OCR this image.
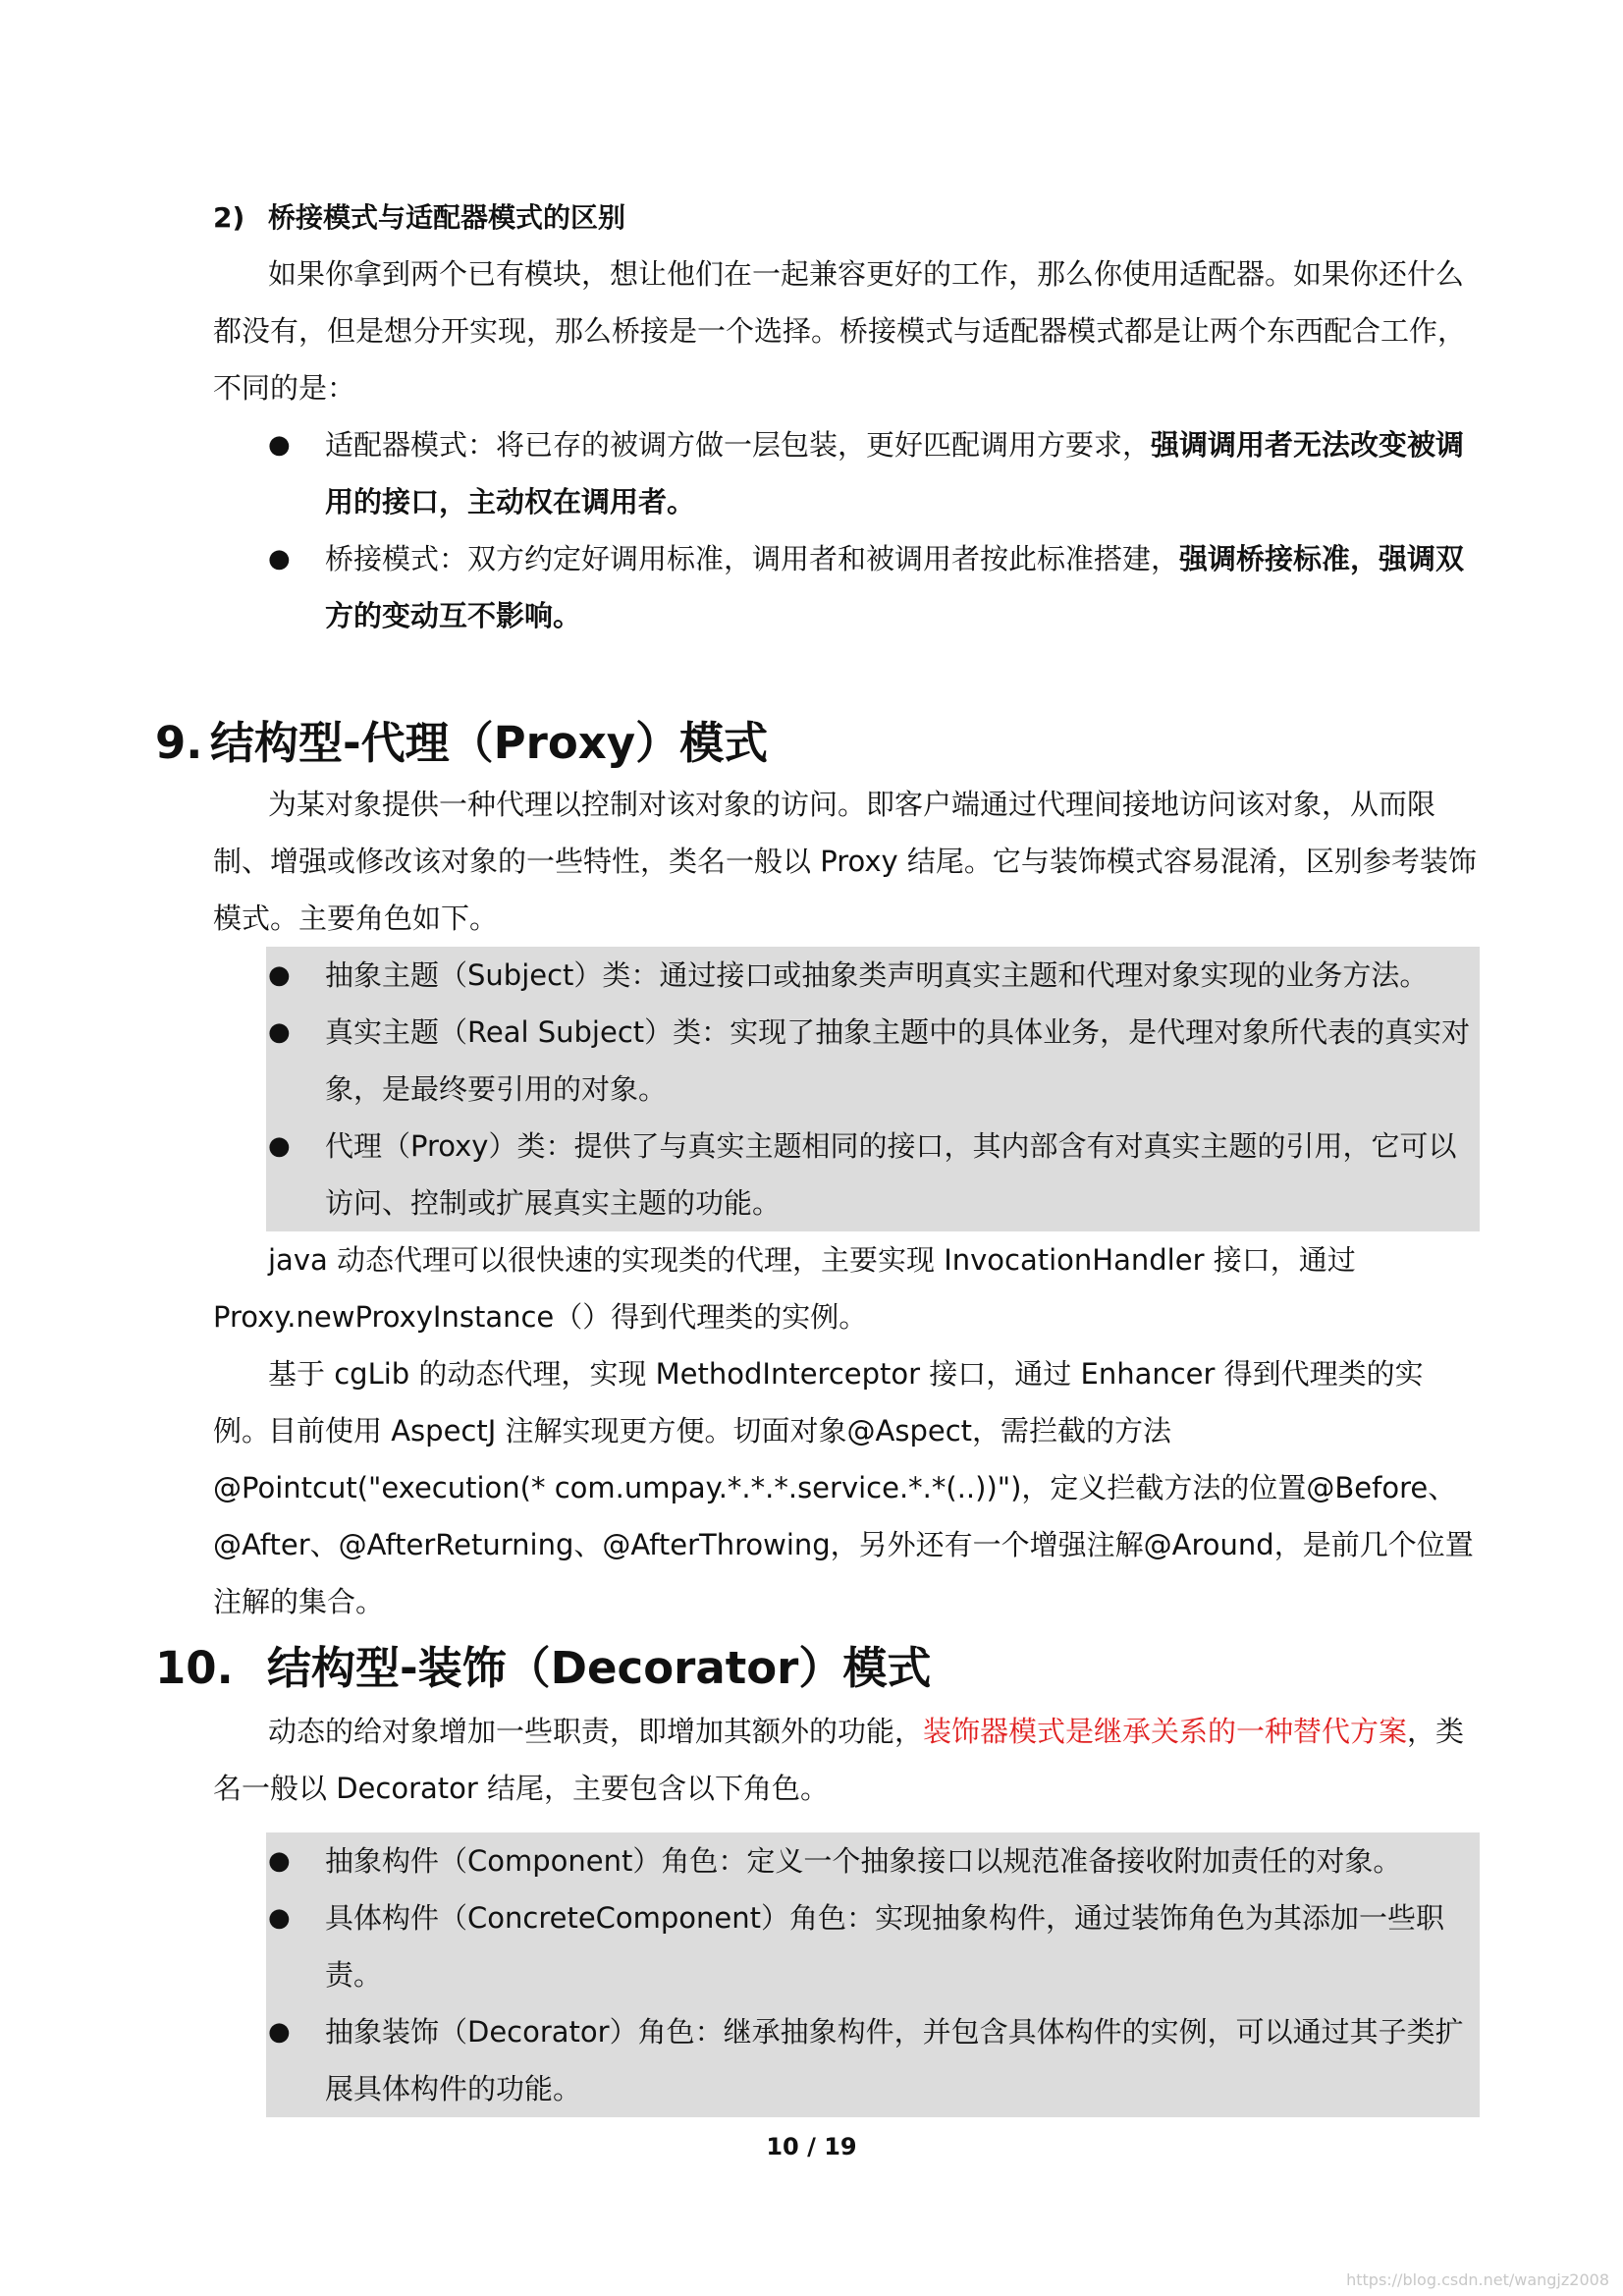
2) 桥接模式与适配器模式的区别
如果你拿到两个已有模块，想让他们在一起兼容更好的工作，那么你使用适配器。如果你还什么都没有，但是想分开实现，那么桥接是一个选择。桥接模式与适配器模式都是让两个东西配合工作，不同的是：
● 适配器模式：将已存的被调方做一层包装，更好匹配调用方要求，强调调用者无法改变被调用的接口，主动权在调用者。
● 桥接模式：双方约定好调用标准，调用者和被调用者按此标准搭建，强调桥接标准，强调双方的变动互不影响。
9. 结构型-代理（Proxy）模式
为某对象提供一种代理以控制对该对象的访问。即客户端通过代理间接地访问该对象，从而限制、增强或修改该对象的一些特性，类名一般以 Proxy 结尾。它与装饰模式容易混淆，区别参考装饰模式。主要角色如下。
● 抽象主题（Subject）类：通过接口或抽象类声明真实主题和代理对象实现的业务方法。
● 真实主题（Real Subject）类：实现了抽象主题中的具体业务，是代理对象所代表的真实对象，是最终要引用的对象。
● 代理（Proxy）类：提供了与真实主题相同的接口，其内部含有对真实主题的引用，它可以访问、控制或扩展真实主题的功能。
java 动态代理可以很快速的实现类的代理，主要实现 InvocationHandler 接口，通过 Proxy.newProxyInstance（）得到代理类的实例。
基于 cgLib 的动态代理，实现 MethodInterceptor 接口，通过 Enhancer 得到代理类的实例。
目前使用 AspectJ 注解实现更方便。切面对象@Aspect，需拦截的方法@Pointcut("execution(* com.umpay.*.*.*.service.*.*(..))")，定义拦截方法的位置@Before、@After、@AfterReturning、@AfterThrowing，另外还有一个增强注解@Around，是前几个位置注解的集合。
10. 结构型-装饰（Decorator）模式
动态的给对象增加一些职责，即增加其额外的功能，装饰器模式是继承关系的一种替代方案，类名一般以 Decorator 结尾，主要包含以下角色。
● 抽象构件（Component）角色：定义一个抽象接口以规范准备接收附加责任的对象。
● 具体构件（ConcreteComponent）角色：实现抽象构件，通过装饰角色为其添加一些职责。
● 抽象装饰（Decorator）角色：继承抽象构件，并包含具体构件的实例，可以通过其子类扩展具体构件的功能。
10 / 19
https://blog.csdn.net/wangjz2008
